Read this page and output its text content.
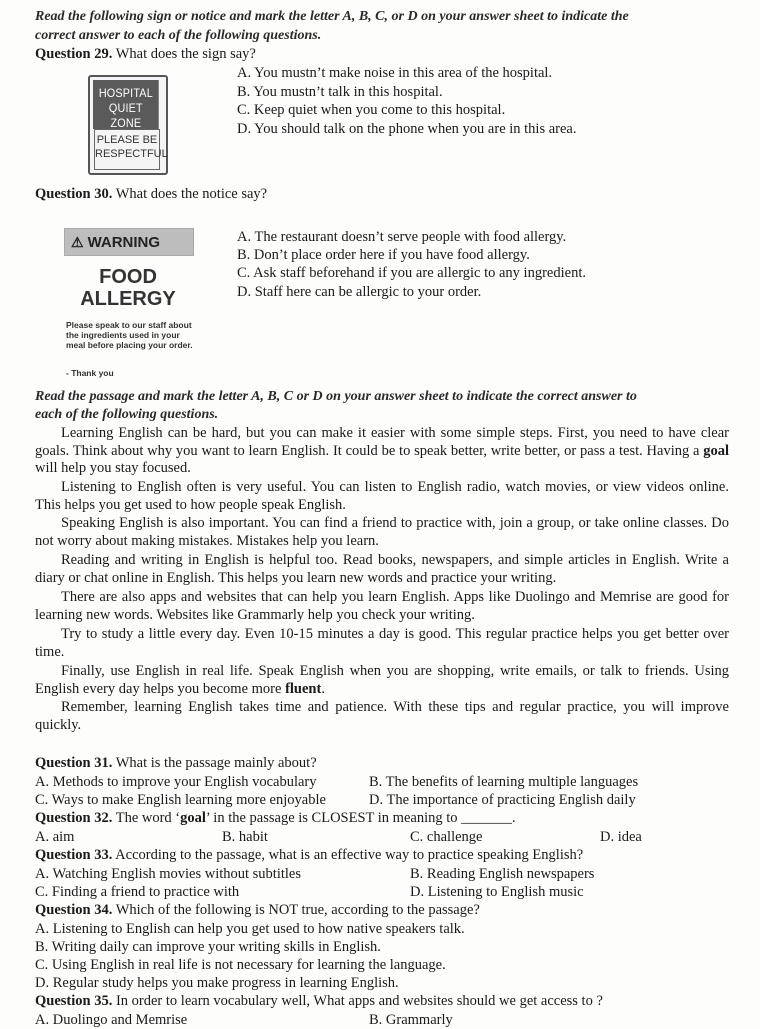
Read the following sign or notice and mark the letter A, B, C, or D on your answer sheet to indicate the
correct answer to each of the following questions.
Question 29. What does the sign say?
HOSPITAL
QUIET ZONE
PLEASE BE
RESPECTFUL
A. You mustn’t make noise in this area of the hospital.
B. You mustn’t talk in this hospital.
C. Keep quiet when you come to this hospital.
D. You should talk on the phone when you are in this area.
Question 30. What does the notice say?
⚠ WARNING
FOOD
ALLERGY
Please speak to our staff about the ingredients used in your meal before placing your order.
- Thank you
A. The restaurant doesn’t serve people with food allergy.
B. Don’t place order here if you have food allergy.
C. Ask staff beforehand if you are allergic to any ingredient.
D. Staff here can be allergic to your order.
Read the passage and mark the letter A, B, C or D on your answer sheet to indicate the correct answer to
each of the following questions.
Learning English can be hard, but you can make it easier with some simple steps. First, you need to have clear goals. Think about why you want to learn English. It could be to speak better, write better, or pass a test. Having a goal will help you stay focused.
Listening to English often is very useful. You can listen to English radio, watch movies, or view videos online. This helps you get used to how people speak English.
Speaking English is also important. You can find a friend to practice with, join a group, or take online classes. Do not worry about making mistakes. Mistakes help you learn.
Reading and writing in English is helpful too. Read books, newspapers, and simple articles in English. Write a diary or chat online in English. This helps you learn new words and practice your writing.
There are also apps and websites that can help you learn English. Apps like Duolingo and Memrise are good for learning new words. Websites like Grammarly help you check your writing.
Try to study a little every day. Even 10-15 minutes a day is good. This regular practice helps you get better over time.
Finally, use English in real life. Speak English when you are shopping, write emails, or talk to friends. Using English every day helps you become more fluent.
Remember, learning English takes time and patience. With these tips and regular practice, you will improve quickly.
Question 31. What is the passage mainly about?
A. Methods to improve your English vocabulary	B. The benefits of learning multiple languages
C. Ways to make English learning more enjoyable	D. The importance of practicing English daily
Question 32. The word ‘goal’ in the passage is CLOSEST in meaning to _______.
A. aim	B. habit	C. challenge	D. idea
Question 33. According to the passage, what is an effective way to practice speaking English?
A. Watching English movies without subtitles	B. Reading English newspapers
C. Finding a friend to practice with	D. Listening to English music
Question 34. Which of the following is NOT true, according to the passage?
A. Listening to English can help you get used to how native speakers talk.
B. Writing daily can improve your writing skills in English.
C. Using English in real life is not necessary for learning the language.
D. Regular study helps you make progress in learning English.
Question 35. In order to learn vocabulary well, What apps and websites should we get access to ?
A. Duolingo and Memrise	B. Grammarly
